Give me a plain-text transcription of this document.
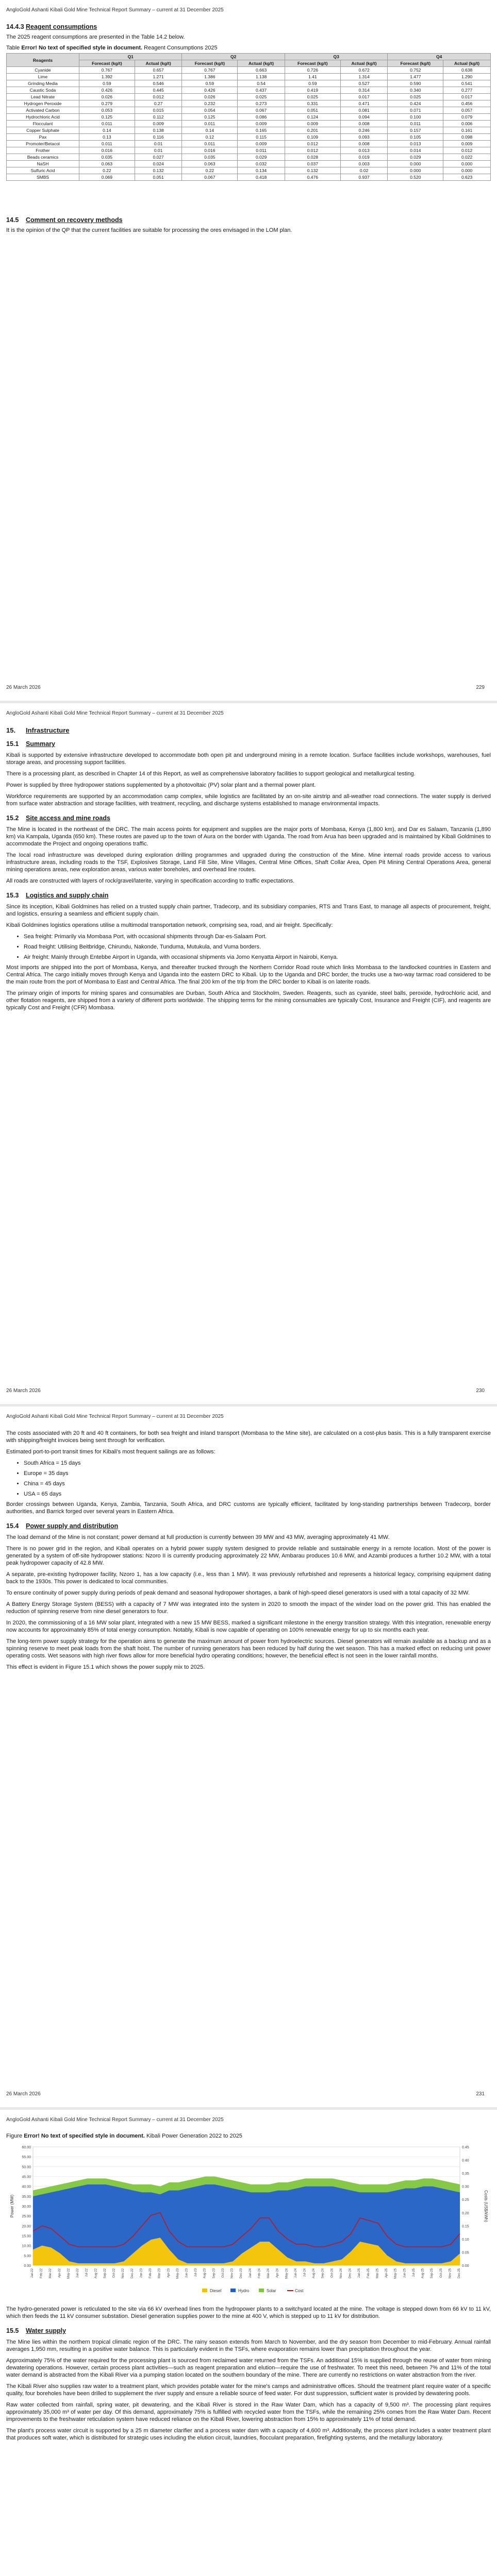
AngloGold Ashanti Kibali Gold Mine Technical Report Summary – current at 31 December 2025
14.4.3 Reagent consumptions

The 2025 reagent consumptions are presented in the Table 14.2 below.

Table Error! No text of specified style in document. Reagent Consumptions 2025
Reagents	Q1		Q2		Q3		Q4	
	Forecast (kg/t)	Actual (kg/t)	Forecast (kg/t)	Actual (kg/t)	Forecast (kg/t)	Actual (kg/t)	Forecast (kg/t)	Actual (kg/t)
Cyanide	0.767	0.657	0.767	0.663	0.726	0.672	0.752	0.638
Lime	1.392	1.271	1.386	1.138	1.41	1.314	1.477	1.290
Grinding Media	0.59	0.546	0.59	0.54	0.59	0.527	0.590	0.541
Caustic Soda	0.426	0.445	0.426	0.437	0.419	0.314	0.340	0.277
Lead Nitrate	0.026	0.012	0.026	0.025	0.025	0.017	0.025	0.017
Hydrogen Peroxide	0.279	0.27	0.232	0.273	0.331	0.471	0.424	0.456
Activated Carbon	0.053	0.015	0.054	0.067	0.051	0.081	0.071	0.057
Hydrochloric Acid	0.125	0.112	0.125	0.086	0.124	0.094	0.100	0.079
Flocculant	0.011	0.009	0.011	0.009	0.009	0.008	0.011	0.006
Copper Sulphate	0.14	0.138	0.14	0.165	0.201	0.246	0.157	0.161
Pax	0.13	0.116	0.12	0.115	0.109	0.093	0.105	0.098
Promoter/Betacol	0.011	0.01	0.011	0.009	0.012	0.008	0.013	0.009
Frother	0.016	0.01	0.016	0.011	0.012	0.013	0.014	0.012
Beads ceramics	0.035	0.027	0.035	0.029	0.028	0.019	0.029	0.022
NaSH	0.063	0.024	0.063	0.032	0.037	0.003	0.000	0.000
Sulfuric Acid	0.22	0.132	0.22	0.134	0.132	0.02	0.000	0.000
SMBS	0.069	0.051	0.067	0.418	0.476	0.937	0.520	0.623
14.5 Comment on recovery methods

It is the opinion of the QP that the current facilities are suitable for processing the ores envisaged in the LOM plan.

26 March 2026	229
AngloGold Ashanti Kibali Gold Mine Technical Report Summary – current at 31 December 2025
15. Infrastructure
15.1 Summary

Kibali is supported by extensive infrastructure developed to accommodate both open pit and underground mining in a remote location. Surface facilities include workshops, warehouses, fuel storage areas, and processing support facilities.

There is a processing plant, as described in Chapter 14 of this Report, as well as comprehensive laboratory facilities to support geological and metallurgical testing.

Power is supplied by three hydropower stations supplemented by a photovoltaic (PV) solar plant and a thermal power plant.

Workforce requirements are supported by an accommodation camp complex, while logistics are facilitated by an on-site airstrip and all-weather road connections. The water supply is derived from surface water abstraction and storage facilities, with treatment, recycling, and discharge systems established to manage environmental impacts.

15.2 Site access and mine roads

The Mine is located in the northeast of the DRC. The main access points for equipment and supplies are the major ports of Mombasa, Kenya (1,800 km), and Dar es Salaam, Tanzania (1,890 km) via Kampala, Uganda (650 km). These routes are paved up to the town of Aura on the border with Uganda. The road from Arua has been upgraded and is maintained by Kibali Goldmines to accommodate the Project and ongoing operations traffic.

The local road infrastructure was developed during exploration drilling programmes and upgraded during the construction of the Mine. Mine internal roads provide access to various infrastructure areas, including roads to the TSF, Explosives Storage, Land Fill Site, Mine Villages, Central Mine Offices, Shaft Collar Area, Open Pit Mining Central Operations Area, general mining operations areas, new exploration areas, various water boreholes, and overhead line routes.

All roads are constructed with layers of rock/gravel/laterite, varying in specification according to traffic expectations.

15.3 Logistics and supply chain

Since its inception, Kibali Goldmines has relied on a trusted supply chain partner, Tradecorp, and its subsidiary companies, RTS and Trans East, to manage all aspects of procurement, freight, and logistics, ensuring a seamless and efficient supply chain.

Kibali Goldmines logistics operations utilise a multimodal transportation network, comprising sea, road, and air freight. Specifically:

• Sea freight: Primarily via Mombasa Port, with occasional shipments through Dar-es-Salaam Port.
• Road freight: Utilising Beitbridge, Chirundu, Nakonde, Tunduma, Mutukula, and Vuma borders.
• Air freight: Mainly through Entebbe Airport in Uganda, with occasional shipments via Jomo Kenyatta Airport in Nairobi, Kenya.

Most imports are shipped into the port of Mombasa, Kenya, and thereafter trucked through the Northern Corridor Road route which links Mombasa to the landlocked countries in Eastern and Central Africa. The cargo initially moves through Kenya and Uganda into the eastern DRC to Kibali. Up to the Uganda and DRC border, the trucks use a two-way tarmac road considered to be the main route from the port of Mombasa to East and Central Africa. The final 200 km of the trip from the DRC border to Kibali is on laterite roads.

The primary origin of imports for mining spares and consumables are Durban, South Africa and Stockholm, Sweden. Reagents, such as cyanide, steel balls, peroxide, hydrochloric acid, and other flotation reagents, are shipped from a variety of different ports worldwide. The shipping terms for the mining consumables are typically Cost, Insurance and Freight (CIF), and reagents are typically Cost and Freight (CFR) Mombasa.

26 March 2026	230
AngloGold Ashanti Kibali Gold Mine Technical Report Summary – current at 31 December 2025

The costs associated with 20 ft and 40 ft containers, for both sea freight and inland transport (Mombasa to the Mine site), are calculated on a cost-plus basis. This is a fully transparent exercise with shipping/freight invoices being sent through for verification.

Estimated port-to-port transit times for Kibali's most frequent sailings are as follows:

• South Africa = 15 days
• Europe = 35 days
• China = 45 days
• USA = 65 days

Border crossings between Uganda, Kenya, Zambia, Tanzania, South Africa, and DRC customs are typically efficient, facilitated by long-standing partnerships between Tradecorp, border authorities, and Barrick forged over several years in Eastern Africa.

15.4 Power supply and distribution

The load demand of the Mine is not constant; power demand at full production is currently between 39 MW and 43 MW, averaging approximately 41 MW.

There is no power grid in the region, and Kibali operates on a hybrid power supply system designed to provide reliable and sustainable energy in a remote location. Most of the power is generated by a system of off-site hydropower stations: Nzoro II is currently producing approximately 22 MW, Ambarau produces 10.6 MW, and Azambi produces a further 10.2 MW, with a total peak hydropower capacity of 42.8 MW.

A separate, pre-existing hydropower facility, Nzoro 1, has a low capacity (i.e., less than 1 MW). It was previously refurbished and represents a historical legacy, comprising equipment dating back to the 1930s. This power is dedicated to local communities.

To ensure continuity of power supply during periods of peak demand and seasonal hydropower shortages, a bank of high-speed diesel generators is used with a total capacity of 32 MW.

A Battery Energy Storage System (BESS) with a capacity of 7 MW was integrated into the system in 2020 to smooth the impact of the winder load on the power grid. This has enabled the reduction of spinning reserve from nine diesel generators to four.

In 2020, the commissioning of a 16 MW solar plant, integrated with a new 15 MW BESS, marked a significant milestone in the energy transition strategy. With this integration, renewable energy now accounts for approximately 85% of total energy consumption. Notably, Kibali is now capable of operating on 100% renewable energy for up to six months each year.

The long-term power supply strategy for the operation aims to generate the maximum amount of power from hydroelectric sources. Diesel generators will remain available as a backup and as a spinning reserve to meet peak loads from the shaft hoist. The number of running generators has been reduced by half during the wet season. This has a marked effect on reducing unit power operating costs. Wet seasons with high river flows allow for more beneficial hydro operating conditions; however, the beneficial effect is not seen in the lower rainfall months.

This effect is evident in Figure 15.1 which shows the power supply mix to 2025.

26 March 2026	231
AngloGold Ashanti Kibali Gold Mine Technical Report Summary – current at 31 December 2025
Figure Error! No text of specified style in document. Kibali Power Generation 2022 to 2025
0.00
5.00
10.00
15.00
20.00
25.00
30.00
35.00
40.00
45.00
50.00
55.00
60.00
0.00
0.05
0.10
0.15
0.20
0.25
0.30
0.35
0.40
0.45
Jan-22 Feb-22 Mar-22 Apr-22 May-22 Jun-22 Jul-22 Aug-22 Sep-22 Oct-22 Nov-22 Dec-22 Jan-23 Feb-23 Mar-23 Apr-23 May-23 Jun-23 Jul-23 Aug-23 Sep-23 Oct-23 Nov-23 Dec-23 Jan-24 Feb-24 Mar-24 Apr-24 May-24 Jun-24 Jul-24 Aug-24 Sep-24 Oct-24 Nov-24 Dec-24 Jan-25 Feb-25 Mar-25 Apr-25 May-25 Jun-25 Jul-25 Aug-25 Sep-25 Oct-25 Nov-25 Dec-25
Power (MW)	Costs (US$/kWh)
Diesel	Hydro	Solar	Cost

The hydro-generated power is reticulated to the site via 66 kV overhead lines from the hydropower plants to a switchyard located at the mine. The voltage is stepped down from 66 kV to 11 kV, which then feeds the 11 kV consumer substation. Diesel generation supplies power to the mine at 400 V, which is stepped up to 11 kV for distribution.

15.5 Water supply

The Mine lies within the northern tropical climatic region of the DRC. The rainy season extends from March to November, and the dry season from December to mid-February. Annual rainfall averages 1,950 mm, resulting in a positive water balance. This is particularly evident in the TSFs, where evaporation remains lower than precipitation throughout the year.

Approximately 75% of the water required for the processing plant is sourced from reclaimed water returned from the TSFs. An additional 15% is supplied through the reuse of water from mining dewatering operations. However, certain process plant activities—such as reagent preparation and elution—require the use of freshwater. To meet this need, between 7% and 11% of the total water demand is abstracted from the Kibali River via a pumping station located on the southern boundary of the mine. There are currently no restrictions on water abstraction from the river.

The Kibali River also supplies raw water to a treatment plant, which provides potable water for the mine's camps and administrative offices. Should the treatment plant require water of a specific quality, four boreholes have been drilled to supplement the river supply and ensure a reliable source of feed water. For dust suppression, sufficient water is provided by dewatering pools.

Raw water collected from rainfall, spring water, pit dewatering, and the Kibali River is stored in the Raw Water Dam, which has a capacity of 9,500 m³. The processing plant requires approximately 35,000 m³ of water per day. Of this demand, approximately 75% is fulfilled with recycled water from the TSFs, while the remaining 25% comes from the Raw Water Dam. Recent improvements to the freshwater reticulation system have reduced reliance on the Kibali River, lowering abstraction from 15% to approximately 11% of total demand.

The plant's process water circuit is supported by a 25 m diameter clarifier and a process water dam with a capacity of 4,600 m³. Additionally, the process plant includes a water treatment plant that produces soft water, which is distributed for strategic uses including the elution circuit, laundries, flocculant preparation, firefighting systems, and the metallurgy laboratory.
